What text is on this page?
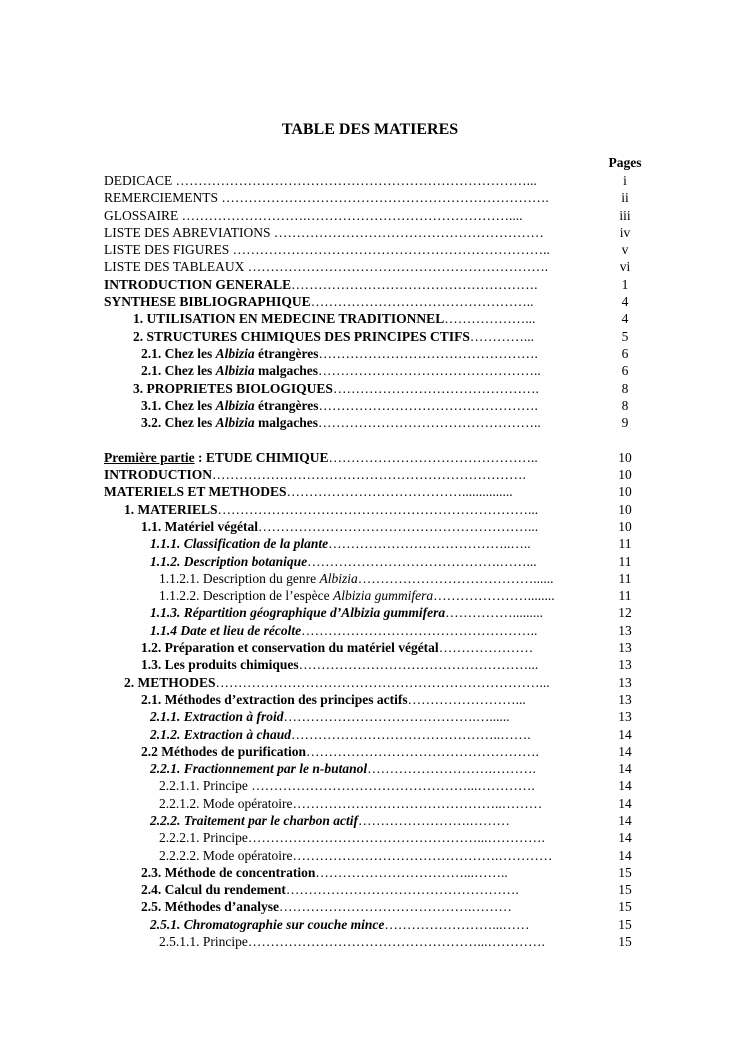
TABLE DES MATIERES
Pages
DEDICACE ……………………………………………………………………...	i
REMERCIEMENTS ……………………………………………………………….	ii
GLOSSAIRE ……………………….………………………………………....	iii
LISTE DES ABREVIATIONS ……………………………………………………	iv
LISTE DES FIGURES ……………………………………………………………..	v
LISTE DES TABLEAUX ………………………………………………………….	vi
INTRODUCTION GENERALE……………………………………………….	1
SYNTHESE BIBLIOGRAPHIQUE…………………………………………..	4
1. UTILISATION EN MEDECINE TRADITIONNEL………………...	4
2. STRUCTURES CHIMIQUES DES PRINCIPES CTIFS…………...	5
2.1. Chez les Albizia étrangères………………………………………….	6
2.1. Chez les Albizia malgaches…………………………………………..	6
3. PROPRIETES BIOLOGIQUES……………………………………….	8
3.1. Chez les Albizia étrangères………………………………………….	8
3.2. Chez les Albizia malgaches…………………………………………..	9
Première partie : ETUDE CHIMIQUE………………………………………..	10
INTRODUCTION…………………………………………………………….	10
MATERIELS ET METHODES…………………………………...............	10
1. MATERIELS……………………………………………………………...	10
1.1. Matériel végétal……………………………………………………...	10
1.1.1. Classification de la plante…………………………………..…..	11
1.1.2. Description botanique…………………………………….……...	11
1.1.2.1. Description du genre Albizia…………………………………......	11
1.1.2.2. Description de l’espèce Albizia gummifera…………………........	11
1.1.3. Répartition géographique d’Albizia gummifera…………….........	12
1.1.4 Date et lieu de récolte……………………………………………..	13
1.2. Préparation et conservation du matériel végétal…………………	13
1.3. Les produits chimiques……………………………………………...	13
2. METHODES………………………………………………………………...	13
2.1. Méthodes d’extraction des principes actifs……………………...	13
2.1.1. Extraction à froid…………………………………….…......	13
2.1.2. Extraction à chaud………………………………………..…….	14
2.2 Méthodes de purification…………………………………………….	14
2.2.1. Fractionnement par le n-butanol……………………….……….	14
2.2.1.1. Principe …………………………………………...………….	14
2.2.1.2. Mode opératoire………………………………………..………	14
2.2.2. Traitement par le charbon actif…………………….………	14
2.2.2.1. Principe……………………………………………...………….	14
2.2.2.2. Mode opératoire……………………………………….…………	14
2.3. Méthode de concentration……………………………...……..	15
2.4. Calcul du rendement…………………………………………….	15
2.5. Méthodes d’analyse…………………………………….………	15
2.5.1. Chromatographie sur couche mince……………………...……	15
2.5.1.1. Principe……………………………………………...………….	15
